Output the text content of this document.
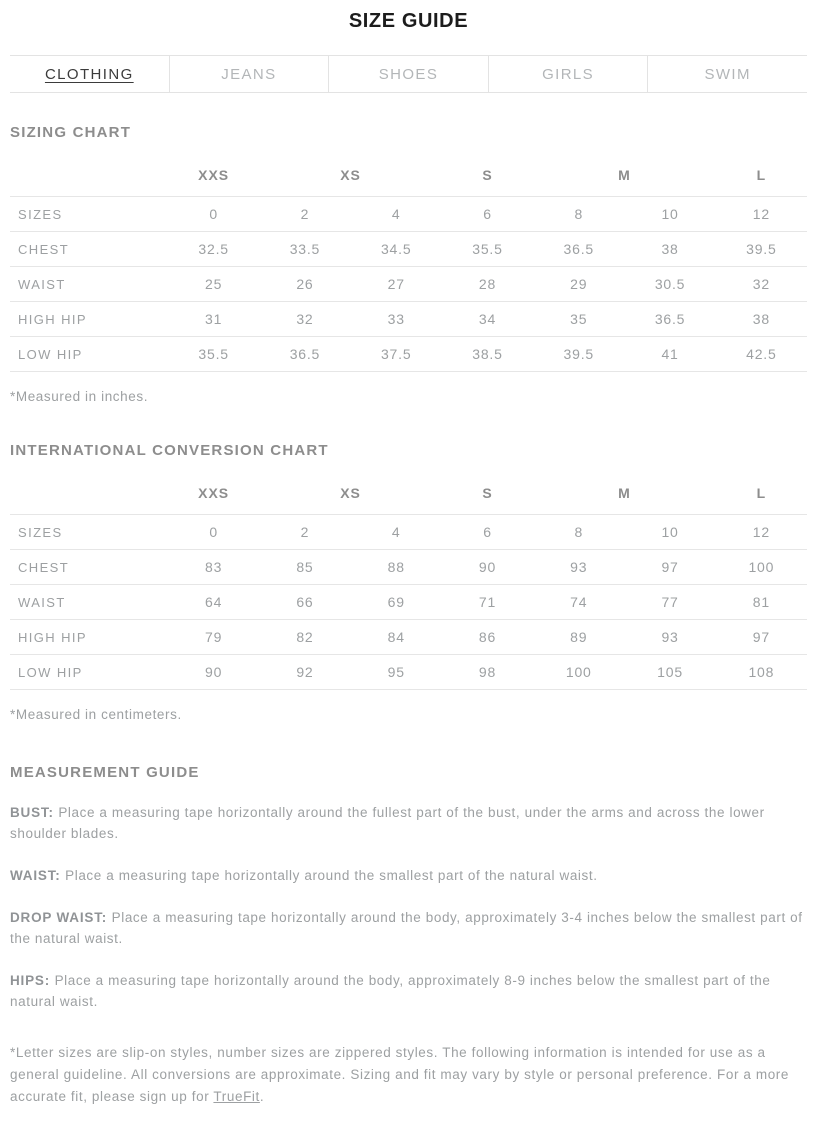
SIZE GUIDE
CLOTHING	JEANS	SHOES	GIRLS	SWIM
SIZING CHART
	XXS	XS		S	M		L
SIZES	0	2	4	6	8	10	12
CHEST	32.5	33.5	34.5	35.5	36.5	38	39.5
WAIST	25	26	27	28	29	30.5	32
HIGH HIP	31	32	33	34	35	36.5	38
LOW HIP	35.5	36.5	37.5	38.5	39.5	41	42.5

*Measured in inches.

INTERNATIONAL CONVERSION CHART
	XXS	XS		S	M		L
SIZES	0	2	4	6	8	10	12
CHEST	83	85	88	90	93	97	100
WAIST	64	66	69	71	74	77	81
HIGH HIP	79	82	84	86	89	93	97
LOW HIP	90	92	95	98	100	105	108

*Measured in centimeters.

MEASUREMENT GUIDE

BUST: Place a measuring tape horizontally around the fullest part of the bust, under the arms and across the lower shoulder blades.

WAIST: Place a measuring tape horizontally around the smallest part of the natural waist.

DROP WAIST: Place a measuring tape horizontally around the body, approximately 3-4 inches below the smallest part of the natural waist.

HIPS: Place a measuring tape horizontally around the body, approximately 8-9 inches below the smallest part of the natural waist.

*Letter sizes are slip-on styles, number sizes are zippered styles. The following information is intended for use as a general guideline. All conversions are approximate. Sizing and fit may vary by style or personal preference. For a more accurate fit, please sign up for TrueFit.
